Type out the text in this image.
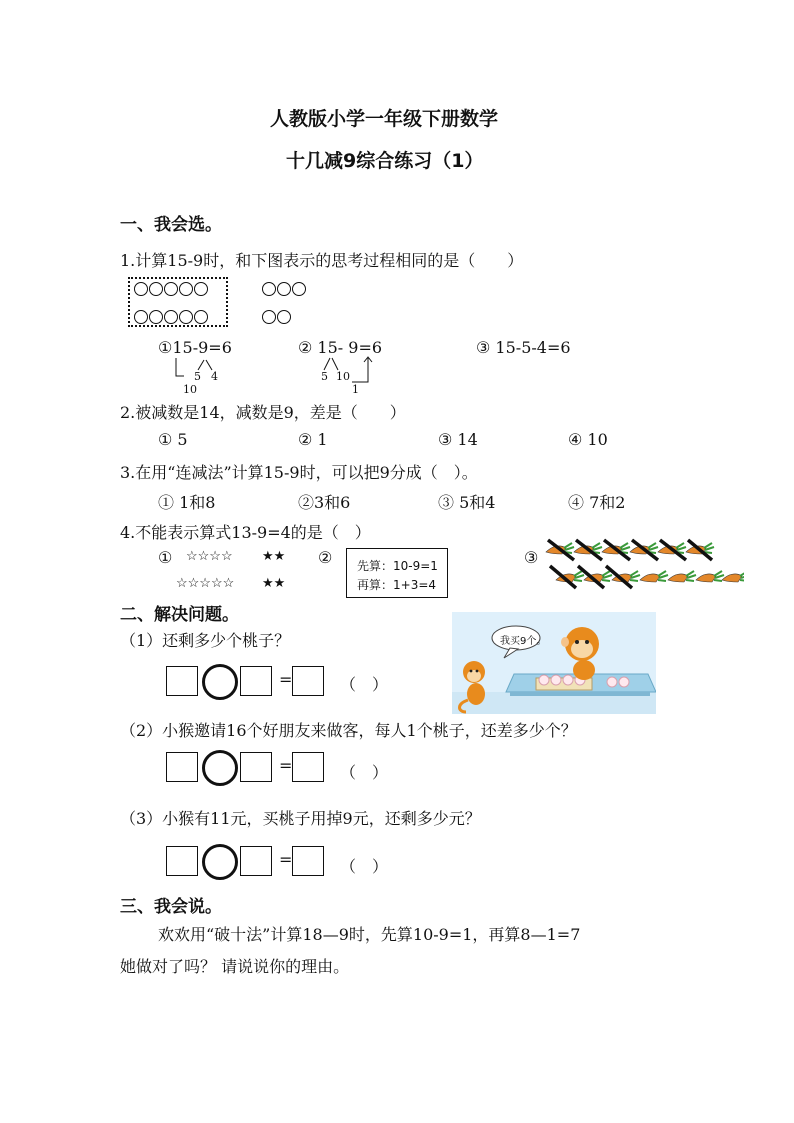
人教版小学一年级下册数学
十几减9综合练习（1）
一、我会选。
1.计算15-9时，和下图表示的思考过程相同的是（　　）
①15-9=6
5 4
10
② 15- 9=6
5 10
1
③ 15-5-4=6
2.被减数是14，减数是9，差是（　　）
① 5	② 1	③ 14	④ 10
3.在用“连减法”计算15-9时，可以把9分成（　）。
① 1和8	②3和6	③ 5和4	④ 7和2
4.不能表示算式13-9=4的是（　）
① ☆☆☆☆ ★★
☆☆☆☆☆ ★★
② 先算：10-9=1
再算：1+3=4
③
二、解决问题。
（1）还剩多少个桃子？	我买9个。
=	（　）
（2）小猴邀请16个好朋友来做客，每人1个桃子，还差多少个？
=	（　）
（3）小猴有11元，买桃子用掉9元，还剩多少元？
=	（　）
三、我会说。
欢欢用“破十法”计算18—9时，先算10-9=1，再算8—1=7
她做对了吗？ 请说说你的理由。
